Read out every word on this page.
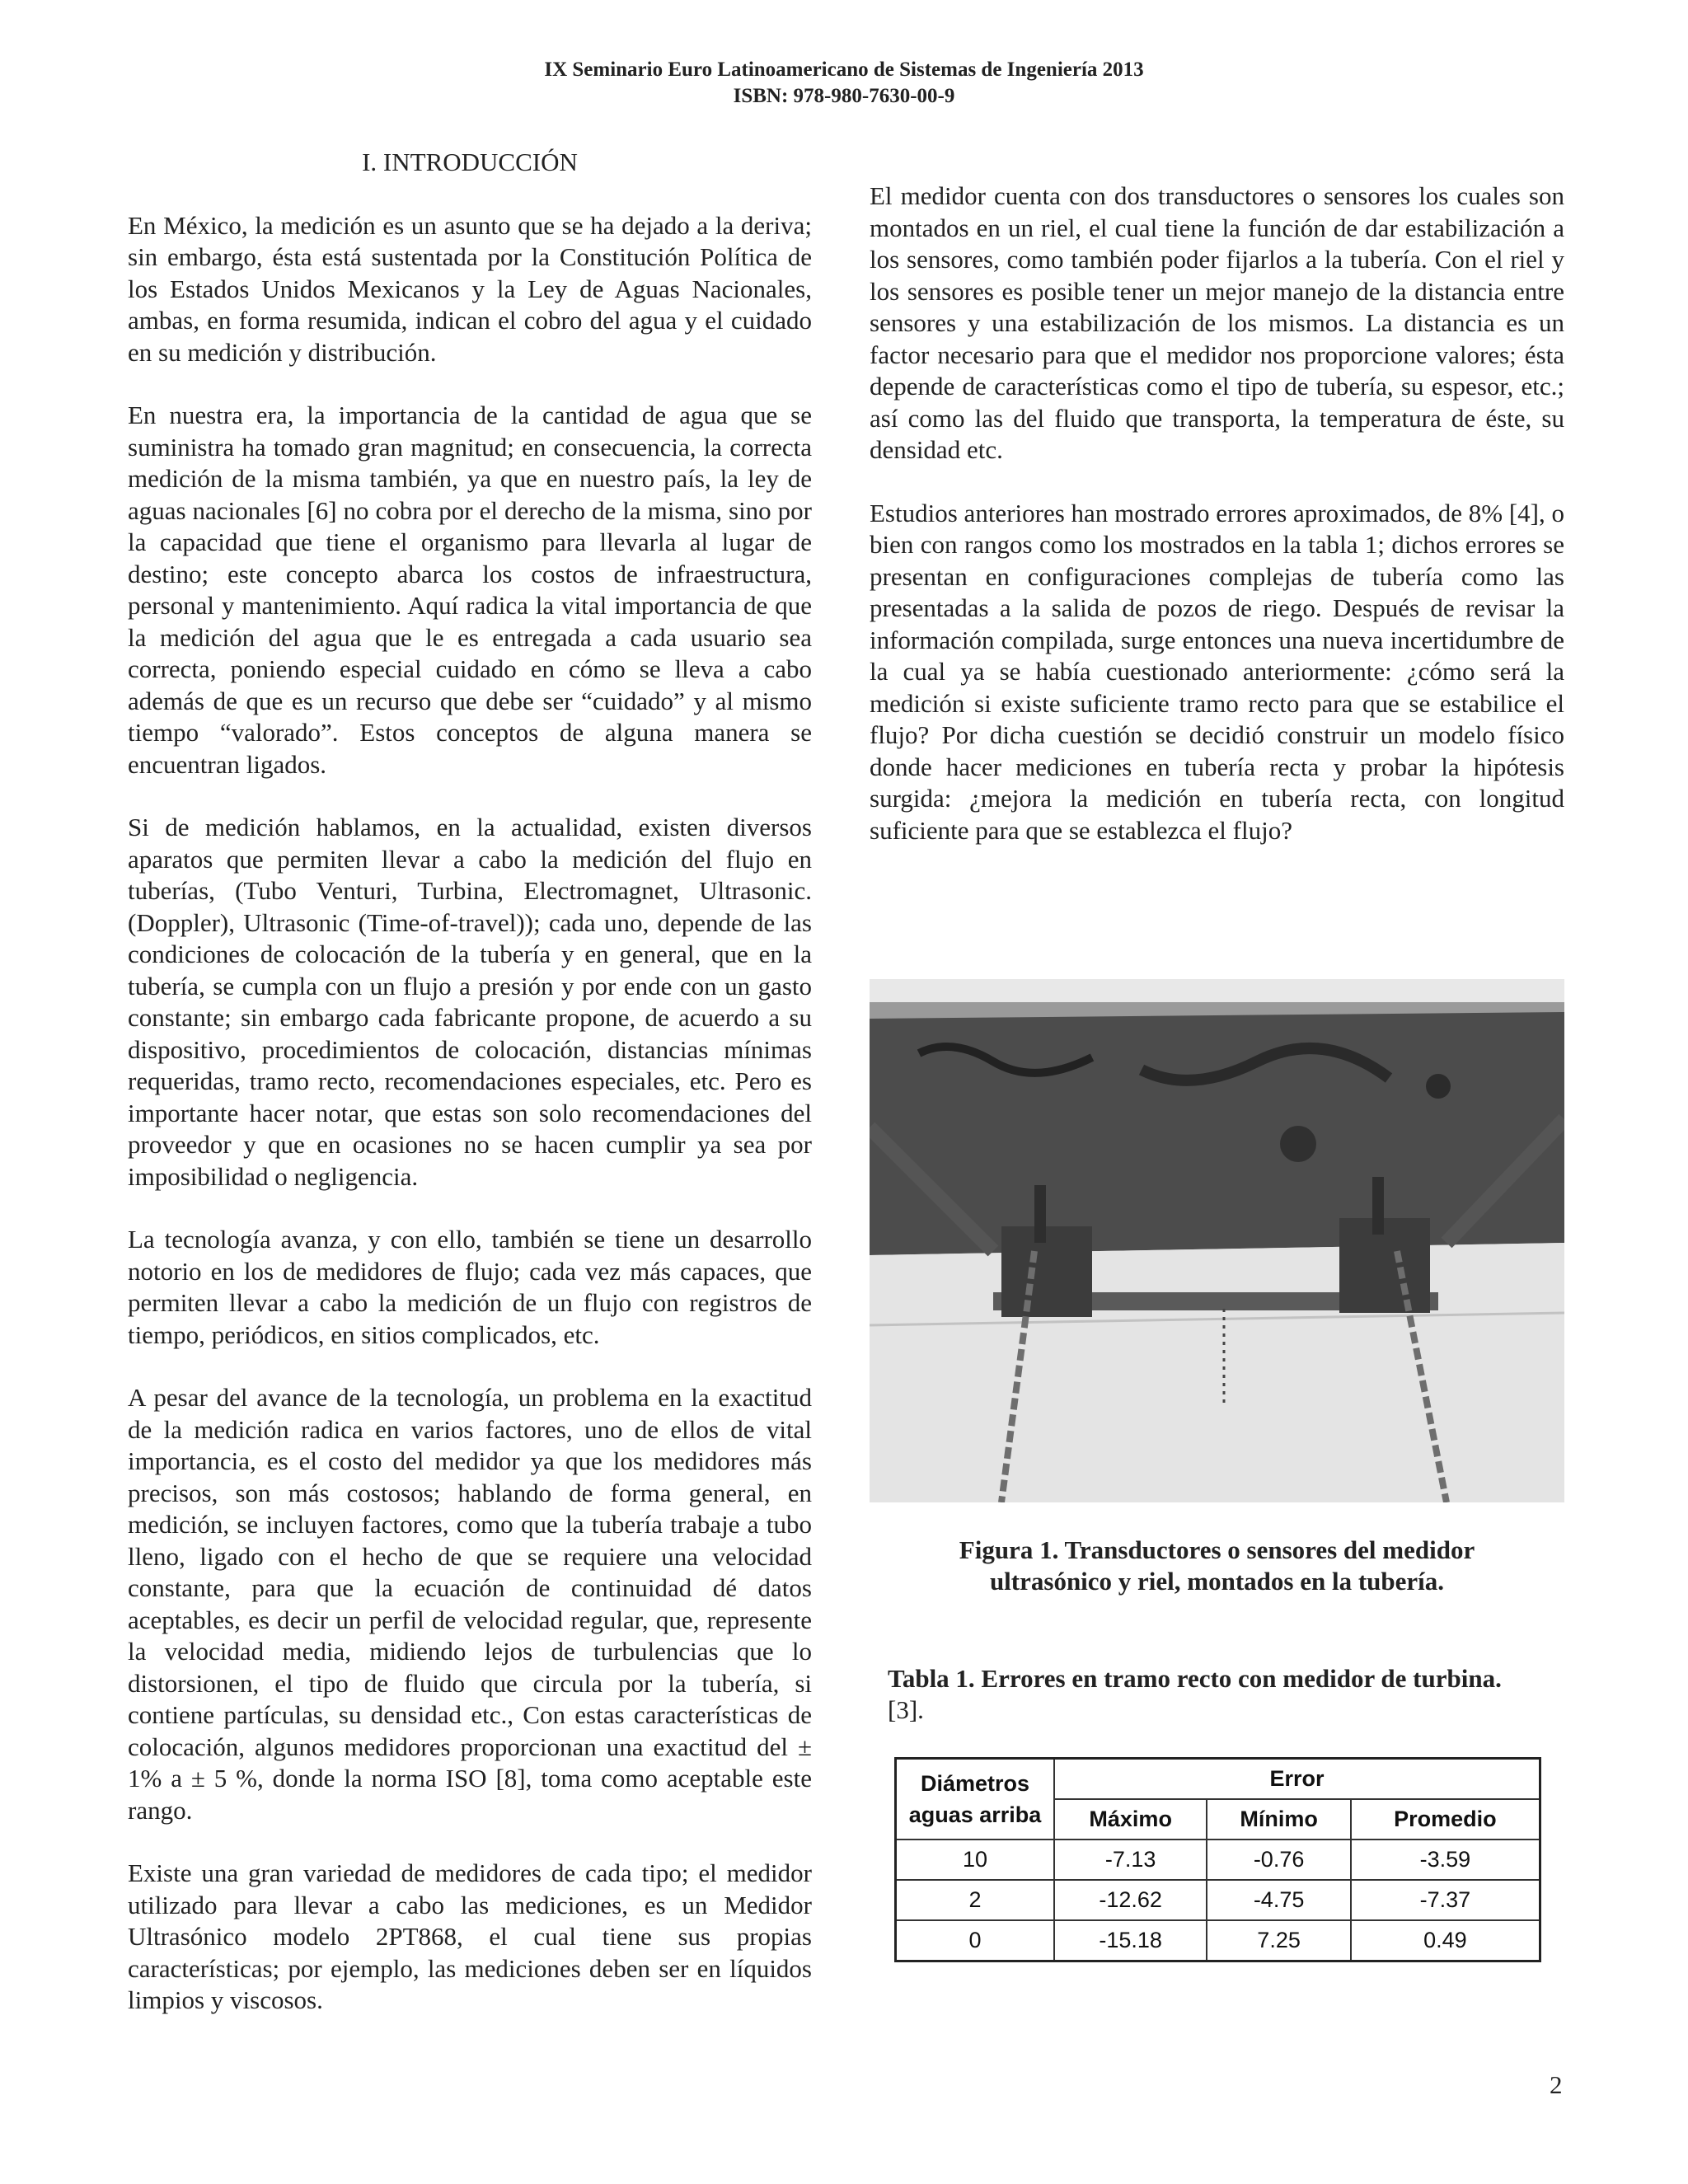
IX Seminario Euro Latinoamericano de Sistemas de Ingeniería 2013
ISBN: 978-980-7630-00-9

I. INTRODUCCIÓN

En México, la medición es un asunto que se ha dejado a la deriva; sin embargo, ésta está sustentada por la Constitución Política de los Estados Unidos Mexicanos y la Ley de Aguas Nacionales, ambas, en forma resumida, indican el cobro del agua y el cuidado en su medición y distribución.

En nuestra era, la importancia de la cantidad de agua que se suministra ha tomado gran magnitud; en consecuencia, la correcta medición de la misma también, ya que en nuestro país, la ley de aguas nacionales [6] no cobra por el derecho de la misma, sino por la capacidad que tiene el organismo para llevarla al lugar de destino; este concepto abarca los costos de infraestructura, personal y mantenimiento. Aquí radica la vital importancia de que la medición del agua que le es entregada a cada usuario sea correcta, poniendo especial cuidado en cómo se lleva a cabo además de que es un recurso que debe ser “cuidado” y al mismo tiempo “valorado”. Estos conceptos de alguna manera se encuentran ligados.

Si de medición hablamos, en la actualidad, existen diversos aparatos que permiten llevar a cabo la medición del flujo en tuberías, (Tubo Venturi, Turbina, Electromagnet, Ultrasonic. (Doppler), Ultrasonic (Time-of-travel)); cada uno, depende de las condiciones de colocación de la tubería y en general, que en la tubería, se cumpla con un flujo a presión y por ende con un gasto constante; sin embargo cada fabricante propone, de acuerdo a su dispositivo, procedimientos de colocación, distancias mínimas requeridas, tramo recto, recomendaciones especiales, etc. Pero es importante hacer notar, que estas son solo recomendaciones del proveedor y que en ocasiones no se hacen cumplir ya sea por imposibilidad o negligencia.

La tecnología avanza, y con ello, también se tiene un desarrollo notorio en los de medidores de flujo; cada vez más capaces, que permiten llevar a cabo la medición de un flujo con registros de tiempo, periódicos, en sitios complicados, etc.

A pesar del avance de la tecnología, un problema en la exactitud de la medición radica en varios factores, uno de ellos de vital importancia, es el costo del medidor ya que los medidores más precisos, son más costosos; hablando de forma general, en medición, se incluyen factores, como que la tubería trabaje a tubo lleno, ligado con el hecho de que se requiere una velocidad constante, para que la ecuación de continuidad dé datos aceptables, es decir un perfil de velocidad regular, que, represente la velocidad media, midiendo lejos de turbulencias que lo distorsionen, el tipo de fluido que circula por la tubería, si contiene partículas, su densidad etc., Con estas características de colocación, algunos medidores proporcionan una exactitud del ± 1% a ± 5 %, donde la norma ISO [8], toma como aceptable este rango.

Existe una gran variedad de medidores de cada tipo; el medidor utilizado para llevar a cabo las mediciones, es un Medidor Ultrasónico modelo 2PT868, el cual tiene sus propias características; por ejemplo, las mediciones deben ser en líquidos limpios y viscosos.

El medidor cuenta con dos transductores o sensores los cuales son montados en un riel, el cual tiene la función de dar estabilización a los sensores, como también poder fijarlos a la tubería. Con el riel y los sensores es posible tener un mejor manejo de la distancia entre sensores y una estabilización de los mismos. La distancia es un factor necesario para que el medidor nos proporcione valores; ésta depende de características como el tipo de tubería, su espesor, etc.; así como las del fluido que transporta, la temperatura de éste, su densidad etc.

Estudios anteriores han mostrado errores aproximados, de 8% [4], o bien con rangos como los mostrados en la tabla 1; dichos errores se presentan en configuraciones complejas de tubería como las presentadas a la salida de pozos de riego. Después de revisar la información compilada, surge entonces una nueva incertidumbre de la cual ya se había cuestionado anteriormente: ¿cómo será la medición si existe suficiente tramo recto para que se estabilice el flujo? Por dicha cuestión se decidió construir un modelo físico donde hacer mediciones en tubería recta y probar la hipótesis surgida: ¿mejora la medición en tubería recta, con longitud suficiente para que se establezca el flujo?

Figura 1. Transductores o sensores del medidor
ultrasónico y riel, montados en la tubería.
Tabla 1. Errores en tramo recto con medidor de turbina.
[3].
Diámetros aguas arriba	Error		
	Máximo	Mínimo	Promedio
10	-7.13	-0.76	-3.59
2	-12.62	-4.75	-7.37
0	-15.18	7.25	0.49
2
